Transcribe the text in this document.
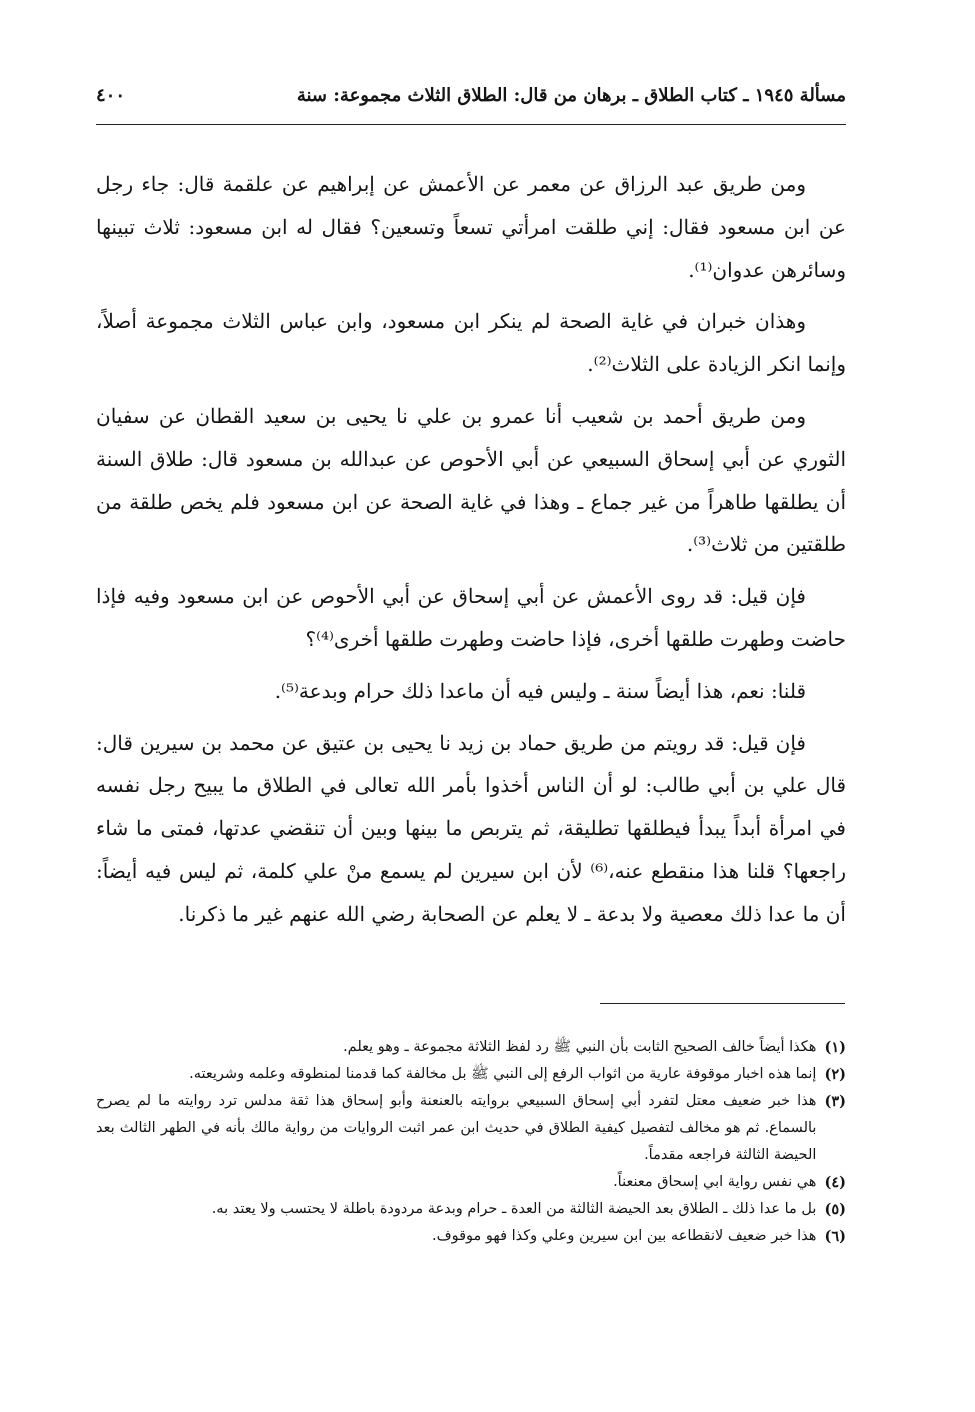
مسألة ١٩٤٥ ـ كتاب الطلاق ـ برهان من قال: الطلاق الثلاث مجموعة: سنة
٤٠٠

ومن طريق عبد الرزاق عن معمر عن الأعمش عن إبراهيم عن علقمة قال: جاء رجل عن ابن مسعود فقال: إني طلقت امرأتي تسعاً وتسعين؟ فقال له ابن مسعود: ثلاث تبينها وسائرهن عدوان⁽¹⁾.

وهذان خبران في غاية الصحة لم ينكر ابن مسعود، وابن عباس الثلاث مجموعة أصلاً، وإنما انكر الزيادة على الثلاث⁽²⁾.

ومن طريق أحمد بن شعيب أنا عمرو بن علي نا يحيى بن سعيد القطان عن سفيان الثوري عن أبي إسحاق السبيعي عن أبي الأحوص عن عبدالله بن مسعود قال: طلاق السنة أن يطلقها طاهراً من غير جماع ـ وهذا في غاية الصحة عن ابن مسعود فلم يخص طلقة من طلقتين من ثلاث⁽³⁾.

فإن قيل: قد روى الأعمش عن أبي إسحاق عن أبي الأحوص عن ابن مسعود وفيه فإذا حاضت وطهرت طلقها أخرى، فإذا حاضت وطهرت طلقها أخرى⁽⁴⁾؟

قلنا: نعم، هذا أيضاً سنة ـ وليس فيه أن ماعدا ذلك حرام وبدعة⁽⁵⁾.

فإن قيل: قد رويتم من طريق حماد بن زيد نا يحيى بن عتيق عن محمد بن سيرين قال: قال علي بن أبي طالب: لو أن الناس أخذوا بأمر الله تعالى في الطلاق ما يبيح رجل نفسه في امرأة أبداً يبدأ فيطلقها تطليقة، ثم يتربص ما بينها وبين أن تنقضي عدتها، فمتى ما شاء راجعها؟ قلنا هذا منقطع عنه،⁽⁶⁾ لأن ابن سيرين لم يسمع منْ علي كلمة، ثم ليس فيه أيضاً: أن ما عدا ذلك معصية ولا بدعة ـ لا يعلم عن الصحابة رضي الله عنهم غير ما ذكرنا.

(١)
هكذا أيضاً خالف الصحيح الثابت بأن النبي ﷺ رد لفظ الثلاثة مجموعة ـ وهو يعلم.
(٢)
إنما هذه اخبار موقوفة عارية من اثواب الرفع إلى النبي ﷺ بل مخالفة كما قدمنا لمنطوقه وعلمه وشريعته.
(٣)
هذا خبر ضعيف معتل لتفرد أبي إسحاق السبيعي بروايته بالعنعنة وأبو إسحاق هذا ثقة مدلس ترد روايته ما لم يصرح بالسماع. ثم هو مخالف لتفصيل كيفية الطلاق في حديث ابن عمر اثبت الروايات من رواية مالك بأنه في الطهر الثالث بعد الحيضة الثالثة فراجعه مقدماً.
(٤)
هي نفس رواية ابي إسحاق معنعناً.
(٥)
بل ما عدا ذلك ـ الطلاق بعد الحيضة الثالثة من العدة ـ حرام وبدعة مردودة باطلة لا يحتسب ولا يعتد به.
(٦)
هذا خبر ضعيف لانقطاعه بين ابن سيرين وعلي وكذا فهو موقوف.
